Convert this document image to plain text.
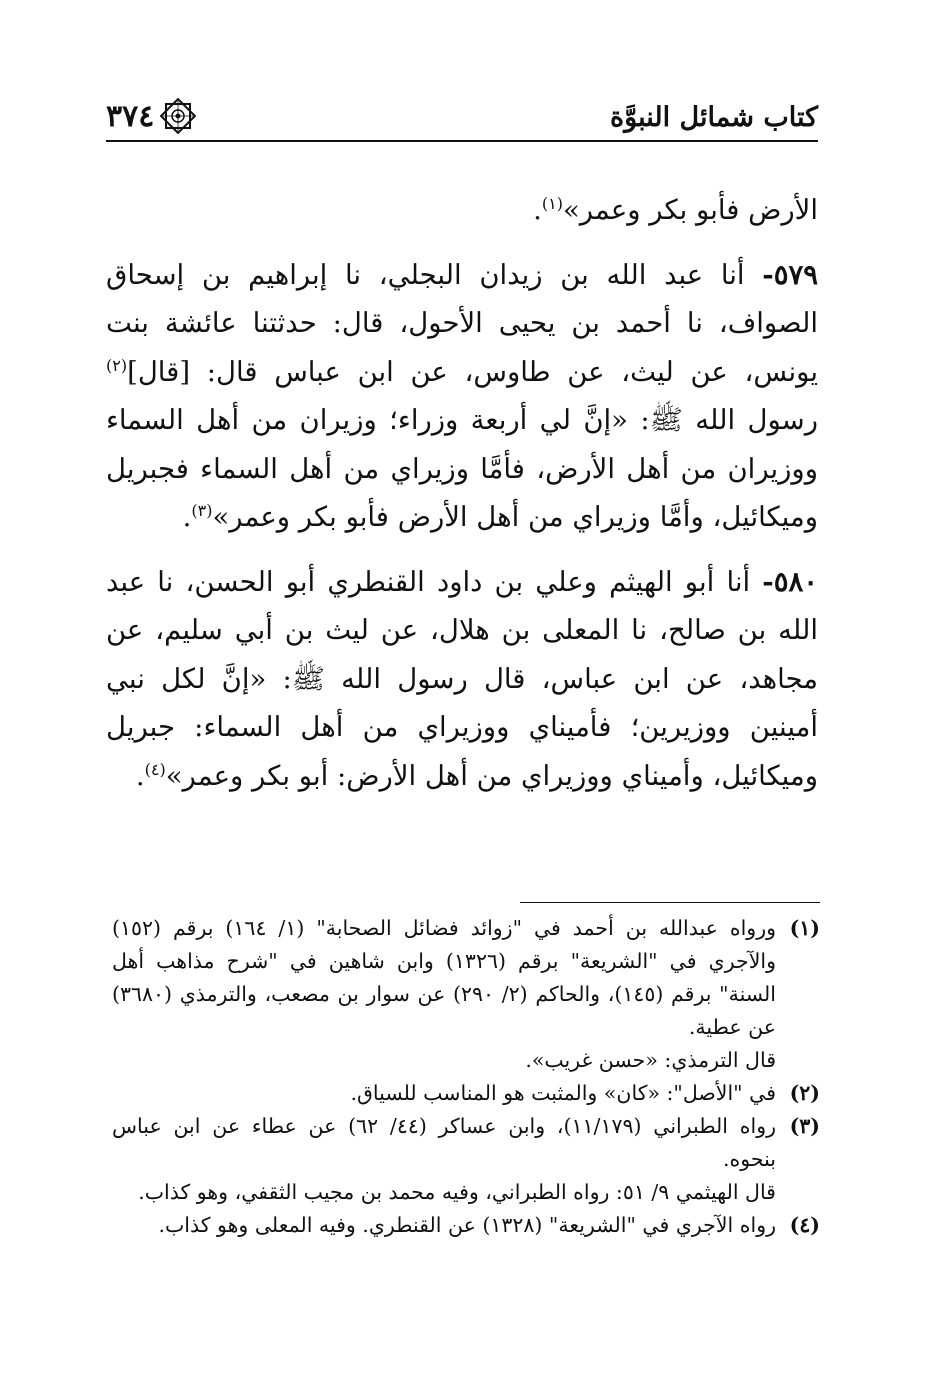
كتاب شمائل النبوَّة
٣٧٤

الأرض فأبو بكر وعمر»$^{(١)}$.

٥٧٩- أنا عبد الله بن زيدان البجلي، نا إبراهيم بن إسحاق الصواف، نا أحمد بن يحيى الأحول، قال: حدثتنا عائشة بنت يونس، عن ليث، عن طاوس، عن ابن عباس قال: [قال]$^{(٢)}$ رسول الله ﷺ: «إنَّ لي أربعة وزراء؛ وزيران من أهل السماء ووزيران من أهل الأرض، فأمَّا وزيراي من أهل السماء فجبريل وميكائيل، وأمَّا وزيراي من أهل الأرض فأبو بكر وعمر»$^{(٣)}$.

٥٨٠- أنا أبو الهيثم وعلي بن داود القنطري أبو الحسن، نا عبد الله بن صالح، نا المعلى بن هلال، عن ليث بن أبي سليم، عن مجاهد، عن ابن عباس، قال رسول الله ﷺ: «إنَّ لكل نبي أمينين ووزيرين؛ فأميناي ووزيراي من أهل السماء: جبريل وميكائيل، وأميناي ووزيراي من أهل الأرض: أبو بكر وعمر»$^{(٤)}$.

(١)
ورواه عبدالله بن أحمد في "زوائد فضائل الصحابة" (١/ ١٦٤) برقم (١٥٢) والآجري في "الشريعة" برقم (١٣٢٦) وابن شاهين في "شرح مذاهب أهل السنة" برقم (١٤٥)، والحاكم (٢/ ٢٩٠) عن سوار بن مصعب، والترمذي (٣٦٨٠) عن عطية.
قال الترمذي: «حسن غريب».
(٢)
في "الأصل": «كان» والمثبت هو المناسب للسياق.
(٣)
رواه الطبراني (١١/١٧٩)، وابن عساكر (٤٤/ ٦٢) عن عطاء عن ابن عباس بنحوه.
قال الهيثمي ٩/ ٥١: رواه الطبراني، وفيه محمد بن مجيب الثقفي، وهو كذاب.
(٤)
رواه الآجري في "الشريعة" (١٣٢٨) عن القنطري. وفيه المعلى وهو كذاب.
